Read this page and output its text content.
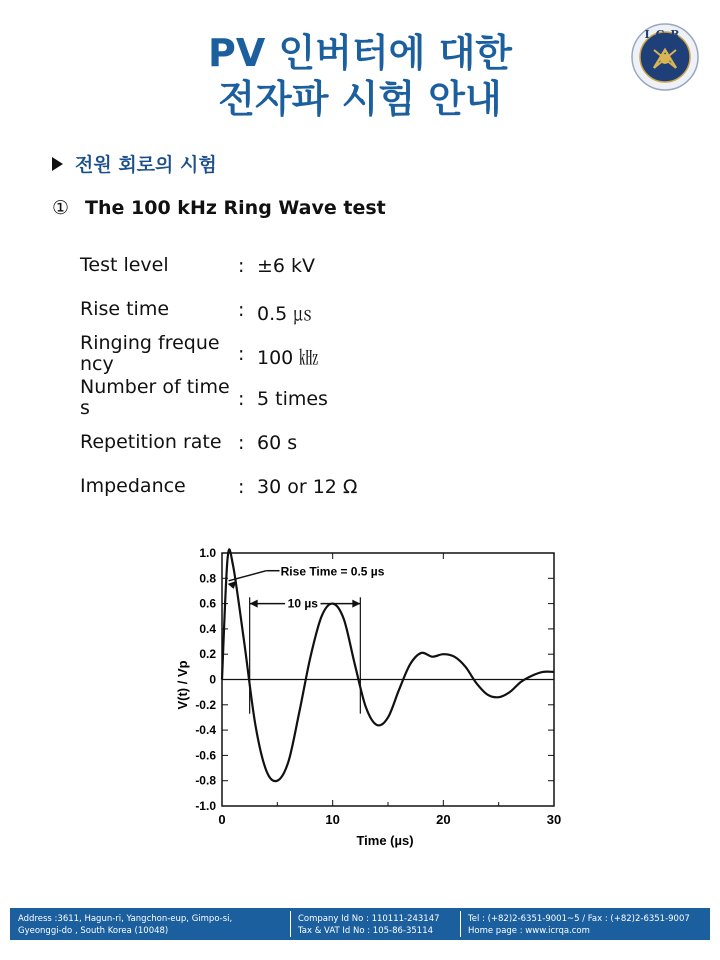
PV 인버터에 대한
전자파 시험 안내
ICR
전원 회로의 시험
① The 100 kHz Ring Wave test
Test level	: ±6 kV
Rise time	: 0.5 ㎲
Ringing frequency	: 100 ㎑
Number of times	: 5 times
Repetition rate : 60 s
Impedance	: 30 or 12 Ω
1.0
0.8
0.6
0.4
0.2
0
-0.2
-0.4
-0.6
-0.8
-1.0
0	10	20	30
Rise Time = 0.5 µs
10 µs
Time (µs)
V(t) / Vp
Address :3611, Hagun-ri, Yangchon-eup, Gimpo-si,
Gyeonggi-do , South Korea (10048)
Company Id No : 110111-243147
Tax & VAT Id No : 105-86-35114
Tel : (+82)2-6351-9001~5 / Fax : (+82)2-6351-9007
Home page : www.icrqa.com
